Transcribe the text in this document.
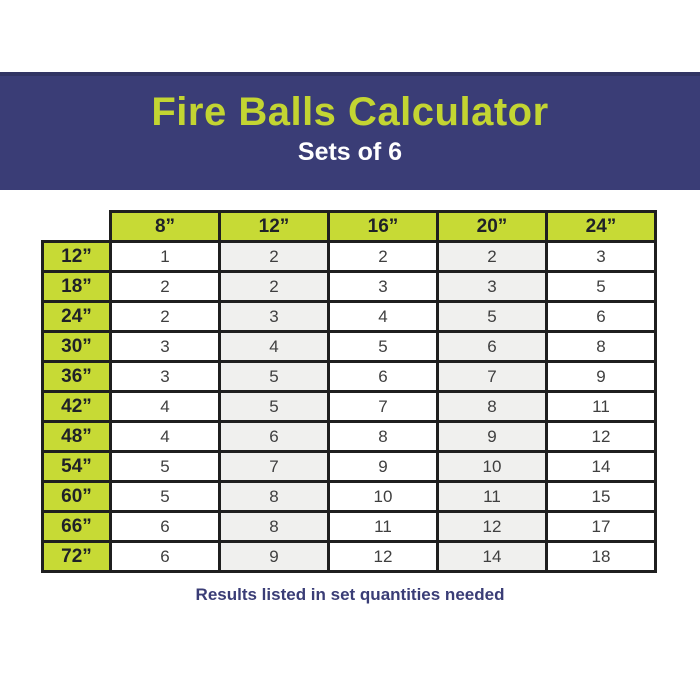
Fire Balls Calculator
Sets of 6
	8”	12”	16”	20”	24”
12”	1	2	2	2	3
18”	2	2	3	3	5
24”	2	3	4	5	6
30”	3	4	5	6	8
36”	3	5	6	7	9
42”	4	5	7	8	11
48”	4	6	8	9	12
54”	5	7	9	10	14
60”	5	8	10	11	15
66”	6	8	11	12	17
72”	6	9	12	14	18
Results listed in set quantities needed
